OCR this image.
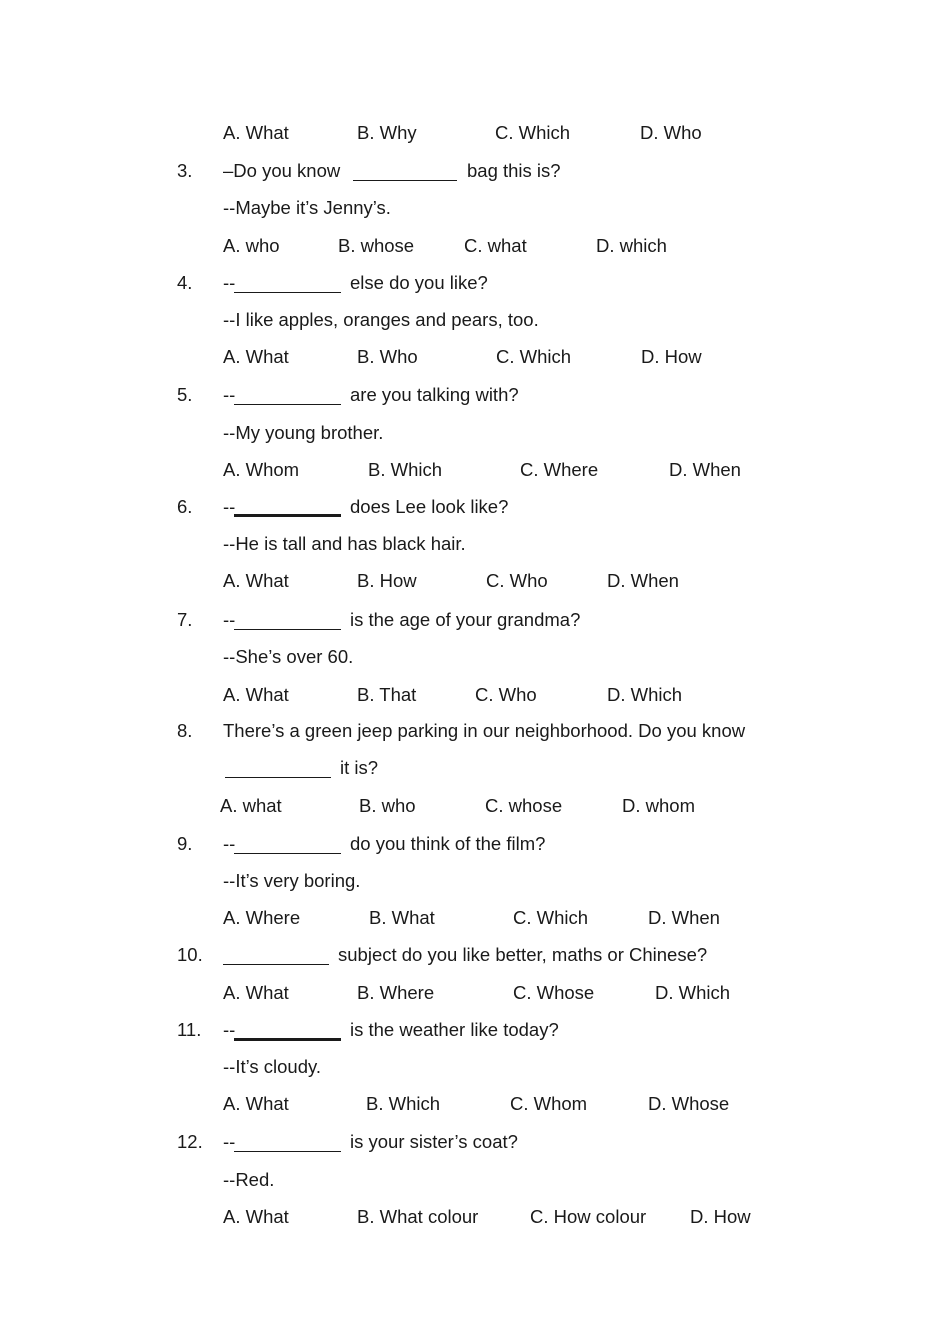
A. What	B. Why	C. Which	D. Who
3. –Do you know	bag this is?
--Maybe it’s Jenny’s.
A. who	B. whose	C. what	D. which
4. --	else do you like?
--I like apples, oranges and pears, too.
A. What	B. Who	C. Which	D. How
5. --	are you talking with?
--My young brother.
A. Whom	B. Which	C. Where	D. When
6. --	does Lee look like?
--He is tall and has black hair.
A. What	B. How	C. Who	D. When
7. --	is the age of your grandma?
--She’s over 60.
A. What	B. That	C. Who	D. Which
8. There’s a green jeep parking in our neighborhood. Do you know
it is?
A. what	B. who	C. whose	D. whom
9. --	do you think of the film?
--It’s very boring.
A. Where	B. What	C. Which	D. When
10.	subject do you like better, maths or Chinese?
A. What	B. Where	C. Whose	D. Which
11. --	is the weather like today?
--It’s cloudy.
A. What	B. Which	C. Whom	D. Whose
12. --	is your sister’s coat?
--Red.
A. What	B. What colour	C. How colour D. How
